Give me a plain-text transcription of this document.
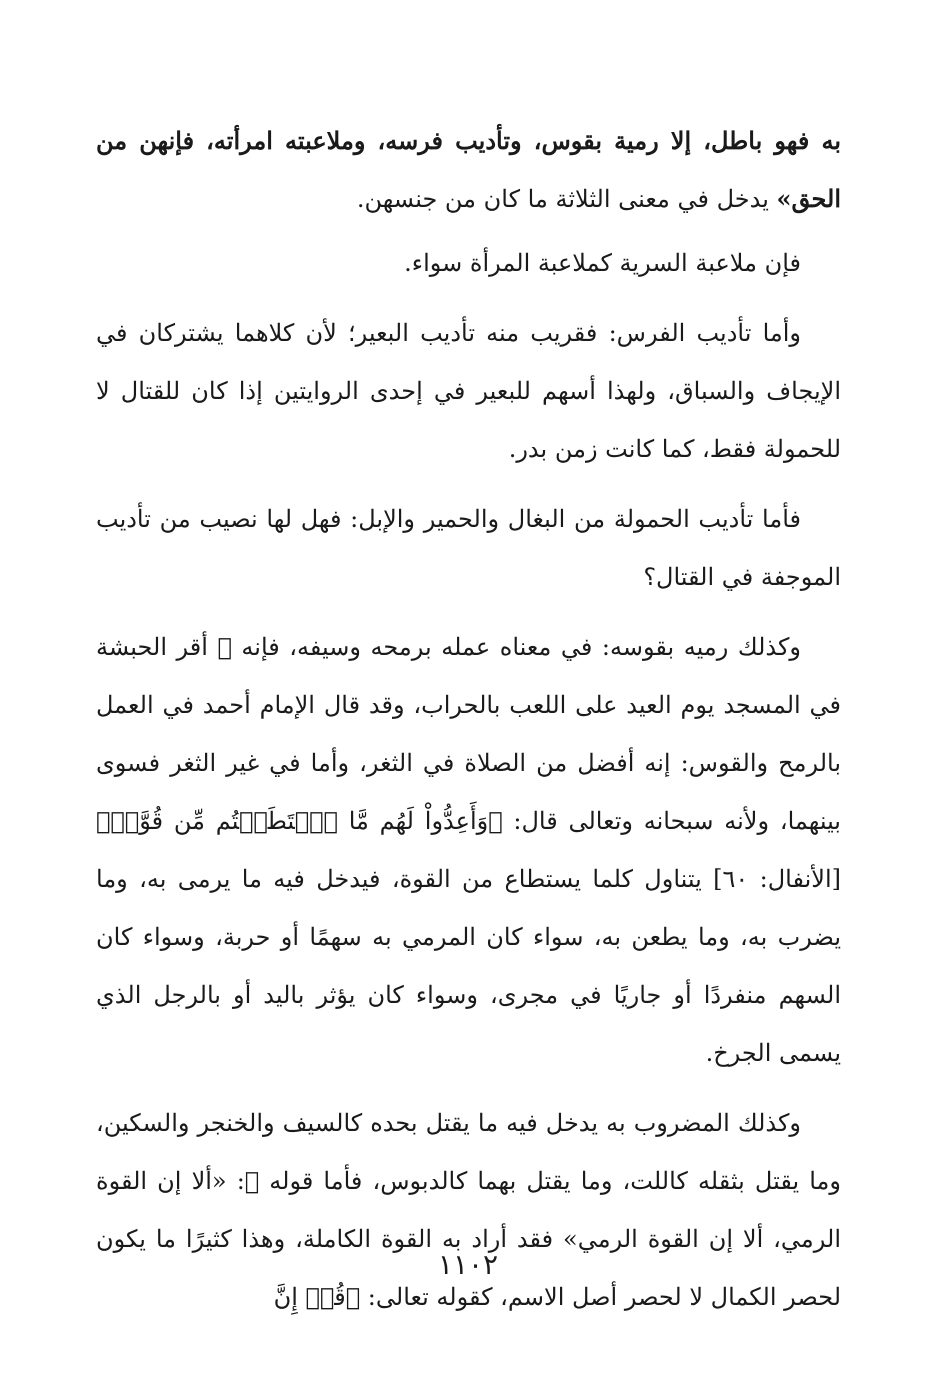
به فهو باطل، إلا رمية بقوس، وتأديب فرسه، وملاعبته امرأته، فإنهن من الحق» يدخل في معنى الثلاثة ما كان من جنسهن.

فإن ملاعبة السرية كملاعبة المرأة سواء.

وأما تأديب الفرس: فقريب منه تأديب البعير؛ لأن كلاهما يشتركان في الإيجاف والسباق، ولهذا أسهم للبعير في إحدى الروايتين إذا كان للقتال لا للحمولة فقط، كما كانت زمن بدر.

فأما تأديب الحمولة من البغال والحمير والإبل: فهل لها نصيب من تأديب الموجفة في القتال؟

وكذلك رميه بقوسه: في معناه عمله برمحه وسيفه، فإنه ﷺ أقر الحبشة في المسجد يوم العيد على اللعب بالحراب، وقد قال الإمام أحمد في العمل بالرمح والقوس: إنه أفضل من الصلاة في الثغر، وأما في غير الثغر فسوى بينهما، ولأنه سبحانه وتعالى قال: ﴿وَأَعِدُّواْ لَهُم مَّا ٱسۡتَطَعۡتُم مِّن قُوَّةٖ﴾ [الأنفال: ٦٠] يتناول كلما يستطاع من القوة، فيدخل فيه ما يرمى به، وما يضرب به، وما يطعن به، سواء كان المرمي به سهمًا أو حربة، وسواء كان السهم منفردًا أو جاريًا في مجرى، وسواء كان يؤثر باليد أو بالرجل الذي يسمى الجرخ.

وكذلك المضروب به يدخل فيه ما يقتل بحده كالسيف والخنجر والسكين، وما يقتل بثقله كاللت، وما يقتل بهما كالدبوس، فأما قوله ﷺ: «ألا إن القوة الرمي، ألا إن القوة الرمي» فقد أراد به القوة الكاملة، وهذا كثيرًا ما يكون لحصر الكمال لا لحصر أصل الاسم، كقوله تعالى: ﴿قُلۡ إِنَّ

١١٠٢
